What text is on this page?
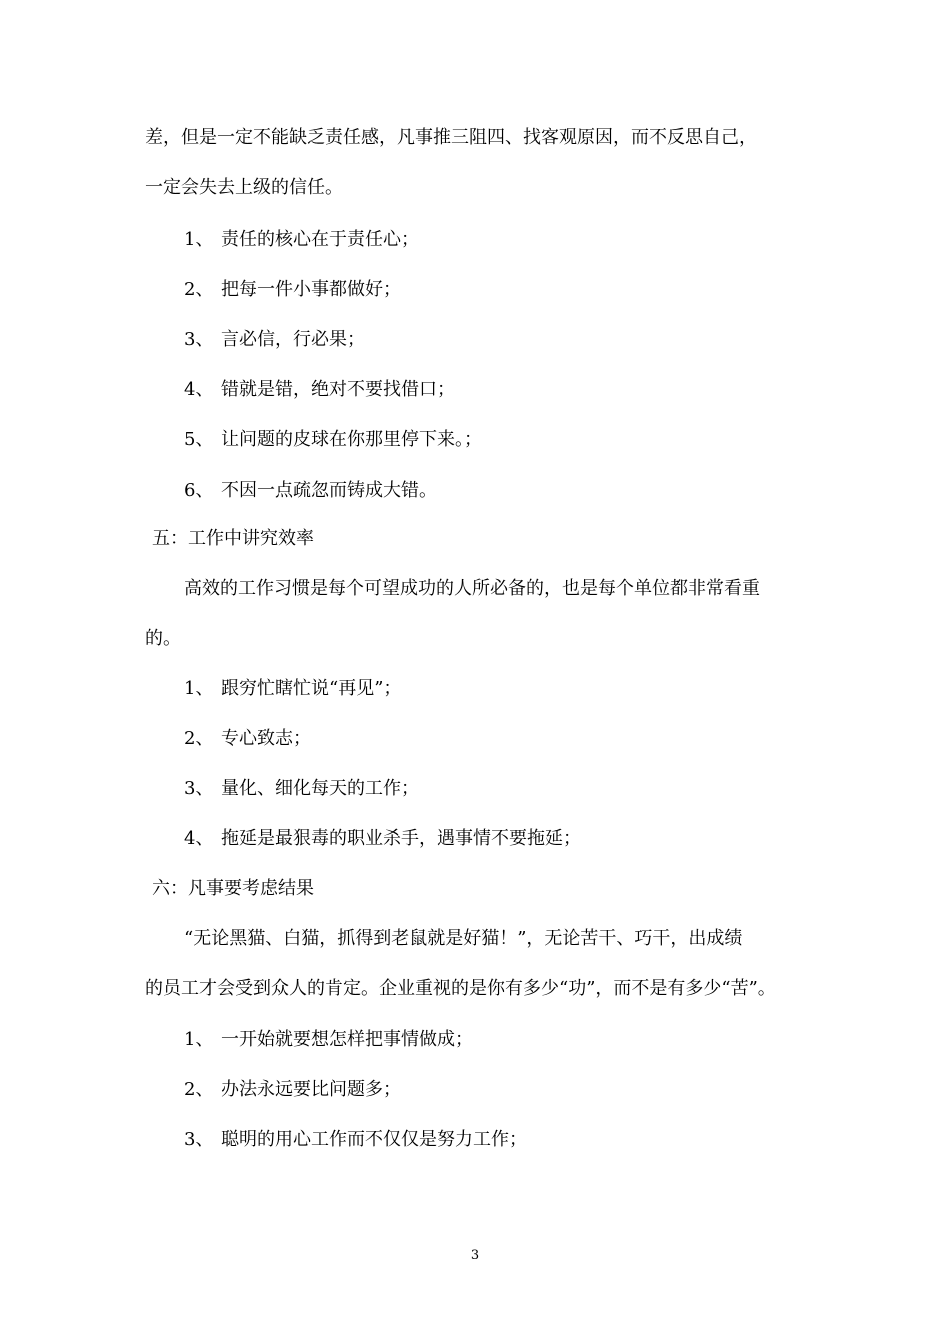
差，但是一定不能缺乏责任感，凡事推三阻四、找客观原因，而不反思自己，
一定会失去上级的信任。
1、 责任的核心在于责任心；
2、 把每一件小事都做好；
3、 言必信，行必果；
4、 错就是错，绝对不要找借口；
5、 让问题的皮球在你那里停下来。；
6、 不因一点疏忽而铸成大错。
五：工作中讲究效率
高效的工作习惯是每个可望成功的人所必备的，也是每个单位都非常看重
的。
1、 跟穷忙瞎忙说“再见”；
2、 专心致志；
3、 量化、细化每天的工作；
4、 拖延是最狠毒的职业杀手，遇事情不要拖延；
六：凡事要考虑结果
“无论黑猫、白猫，抓得到老鼠就是好猫！”，无论苦干、巧干，出成绩
的员工才会受到众人的肯定。企业重视的是你有多少“功”，而不是有多少“苦”。
1、 一开始就要想怎样把事情做成；
2、 办法永远要比问题多；
3、 聪明的用心工作而不仅仅是努力工作；
3
